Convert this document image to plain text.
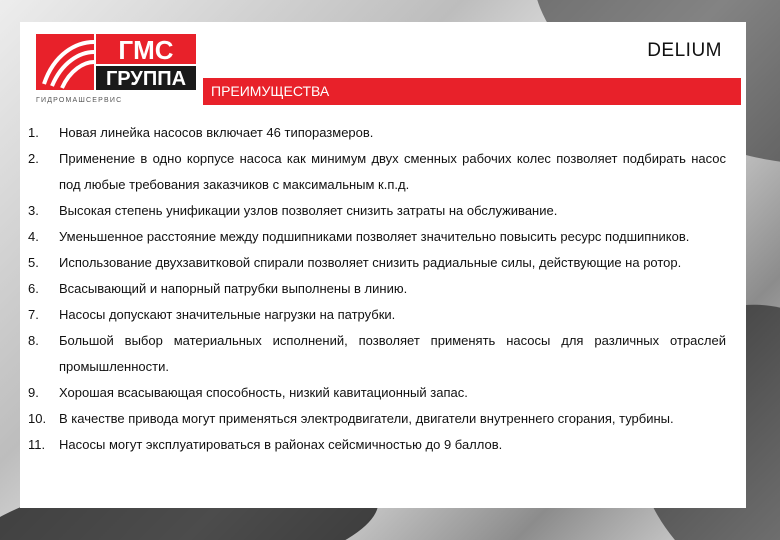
ГМС
ГРУППА
ГИДРОМАШСЕРВИС
DELIUM
ПРЕИМУЩЕСТВА
1.	Новая линейка насосов включает 46 типоразмеров.
2.	Применение в одно корпусе насоса как минимум двух сменных рабочих колес позволяет подбирать насос под любые требования заказчиков с максимальным к.п.д.
3.	Высокая степень унификации узлов позволяет снизить затраты на обслуживание.
4.	Уменьшенное расстояние между подшипниками позволяет значительно повысить ресурс подшипников.
5.	Использование двухзавитковой спирали позволяет снизить радиальные силы, действующие на ротор.
6.	Всасывающий и напорный патрубки выполнены в линию.
7.	Насосы допускают значительные нагрузки на патрубки.
8.	Большой выбор материальных исполнений, позволяет применять насосы для различных отраслей промышленности.
9.	Хорошая всасывающая способность, низкий кавитационный запас.
10. В качестве привода могут применяться электродвигатели, двигатели внутреннего сгорания, турбины.
11.	Насосы могут эксплуатироваться в районах сейсмичностью до 9 баллов.
